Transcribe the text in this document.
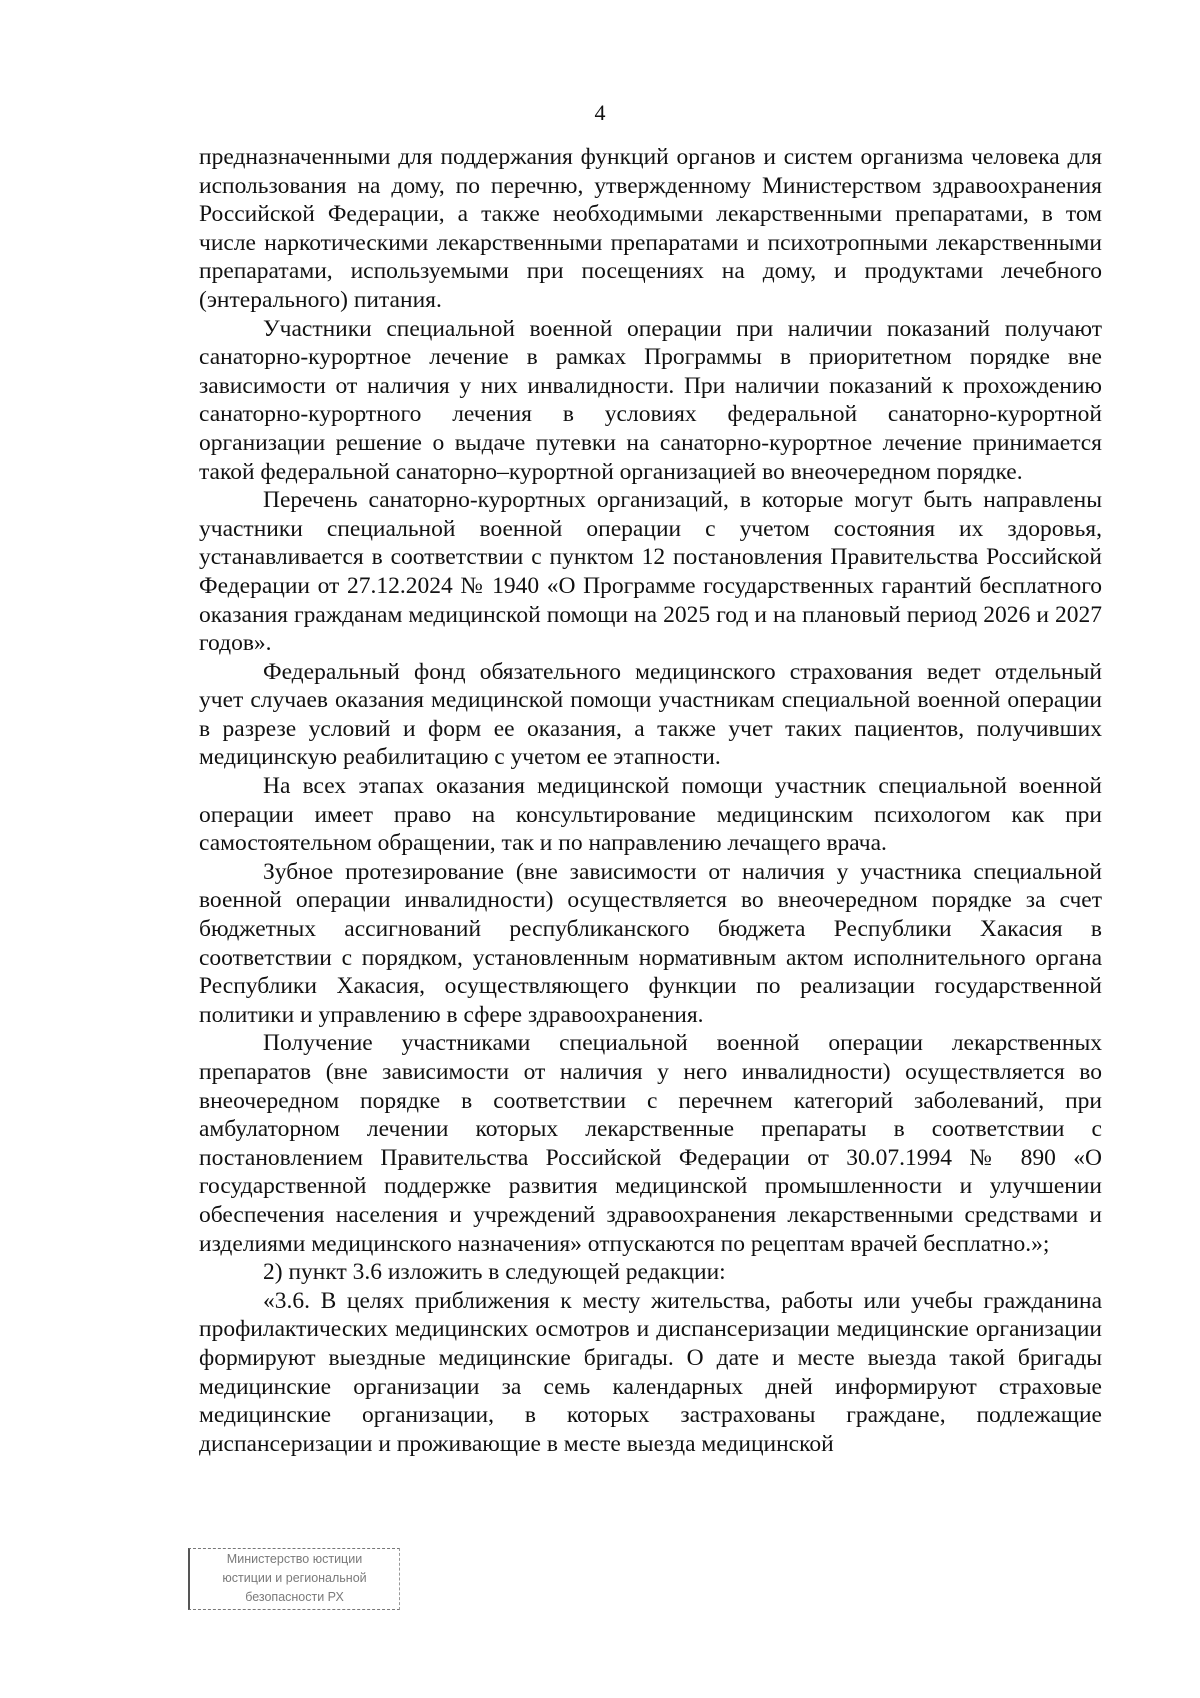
4

предназначенными для поддержания функций органов и систем организма человека для использования на дому, по перечню, утвержденному Министерством здравоохранения Российской Федерации, а также необходимыми лекарственными препаратами, в том числе наркотическими лекарственными препаратами и психотропными лекарственными препаратами, используемыми при посещениях на дому, и продуктами лечебного (энтерального) питания.

Участники специальной военной операции при наличии показаний получают санаторно-курортное лечение в рамках Программы в приоритетном порядке вне зависимости от наличия у них инвалидности. При наличии показаний к прохождению санаторно-курортного лечения в условиях федеральной санаторно-курортной организации решение о выдаче путевки на санаторно-курортное лечение принимается такой федеральной санаторно–курортной организацией во внеочередном порядке.

Перечень санаторно-курортных организаций, в которые могут быть направлены участники специальной военной операции с учетом состояния их здоровья, устанавливается в соответствии с пунктом 12 постановления Правительства Российской Федерации от 27.12.2024 № 1940 «О Программе государственных гарантий бесплатного оказания гражданам медицинской помощи на 2025 год и на плановый период 2026 и 2027 годов».

Федеральный фонд обязательного медицинского страхования ведет отдельный учет случаев оказания медицинской помощи участникам специальной военной операции в разрезе условий и форм ее оказания, а также учет таких пациентов, получивших медицинскую реабилитацию с учетом ее этапности.

На всех этапах оказания медицинской помощи участник специальной военной операции имеет право на консультирование медицинским психологом как при самостоятельном обращении, так и по направлению лечащего врача.

Зубное протезирование (вне зависимости от наличия у участника специальной военной операции инвалидности) осуществляется во внеочередном порядке за счет бюджетных ассигнований республиканского бюджета Республики Хакасия в соответствии с порядком, установленным нормативным актом исполнительного органа Республики Хакасия, осуществляющего функции по реализации государственной политики и управлению в сфере здравоохранения.

Получение участниками специальной военной операции лекарственных препаратов (вне зависимости от наличия у него инвалидности) осуществляется во внеочередном порядке в соответствии с перечнем категорий заболеваний, при амбулаторном лечении которых лекарственные препараты в соответствии с постановлением Правительства Российской Федерации от 30.07.1994 № 890 «О государственной поддержке развития медицинской промышленности и улучшении обеспечения населения и учреждений здравоохранения лекарственными средствами и изделиями медицинского назначения» отпускаются по рецептам врачей бесплатно.»;

2) пункт 3.6 изложить в следующей редакции:

«3.6. В целях приближения к месту жительства, работы или учебы гражданина профилактических медицинских осмотров и диспансеризации медицинские организации формируют выездные медицинские бригады. О дате и месте выезда такой бригады медицинские организации за семь календарных дней информируют страховые медицинские организации, в которых застрахованы граждане, подлежащие диспансеризации и проживающие в месте выезда медицинской

Министерство юстиции
юстиции и региональной
безопасности РХ
